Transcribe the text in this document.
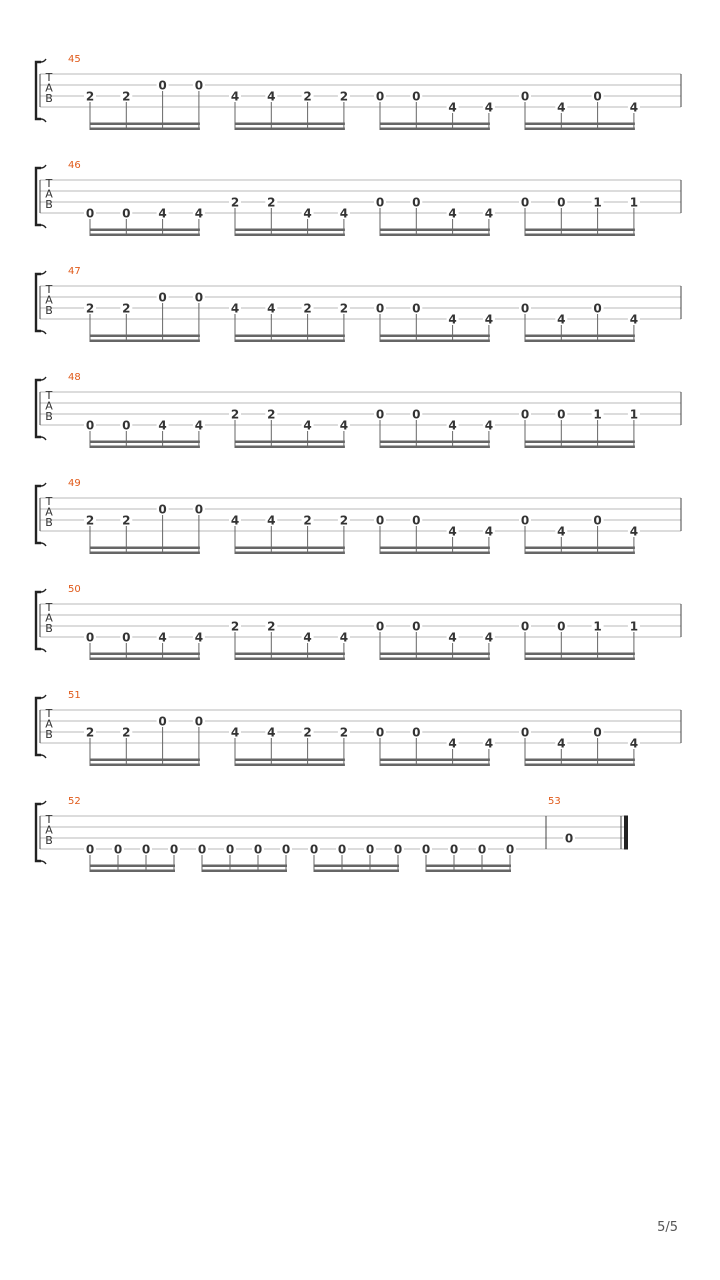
T
A
B
45
2 2
0 0
4 4 2 2 0 0
4 4
0
4
0
4
T
A
B
46
0 0 4 4
2 2
4 4
0 0
4 4
0 0 1 1
T
A
B
47
2 2
0 0
4 4 2 2 0 0
4 4
0
4
0
4
T
A
B
48
0 0 4 4
2 2
4 4
0 0
4 4
0 0 1 1
T
A
B
49
2 2
0 0
4 4 2 2 0 0
4 4
0
4
0
4
T
A
B
50
0 0 4 4
2 2
4 4
0 0
4 4
0 0 1 1
T
A
B
51
2 2
0 0
4 4 2 2 0 0
4 4
0
4
0
4
T
A
B
52	53
0 0 0 0 0 0 0 0 0 0 0 0 0 0 0 0
0
5/5
